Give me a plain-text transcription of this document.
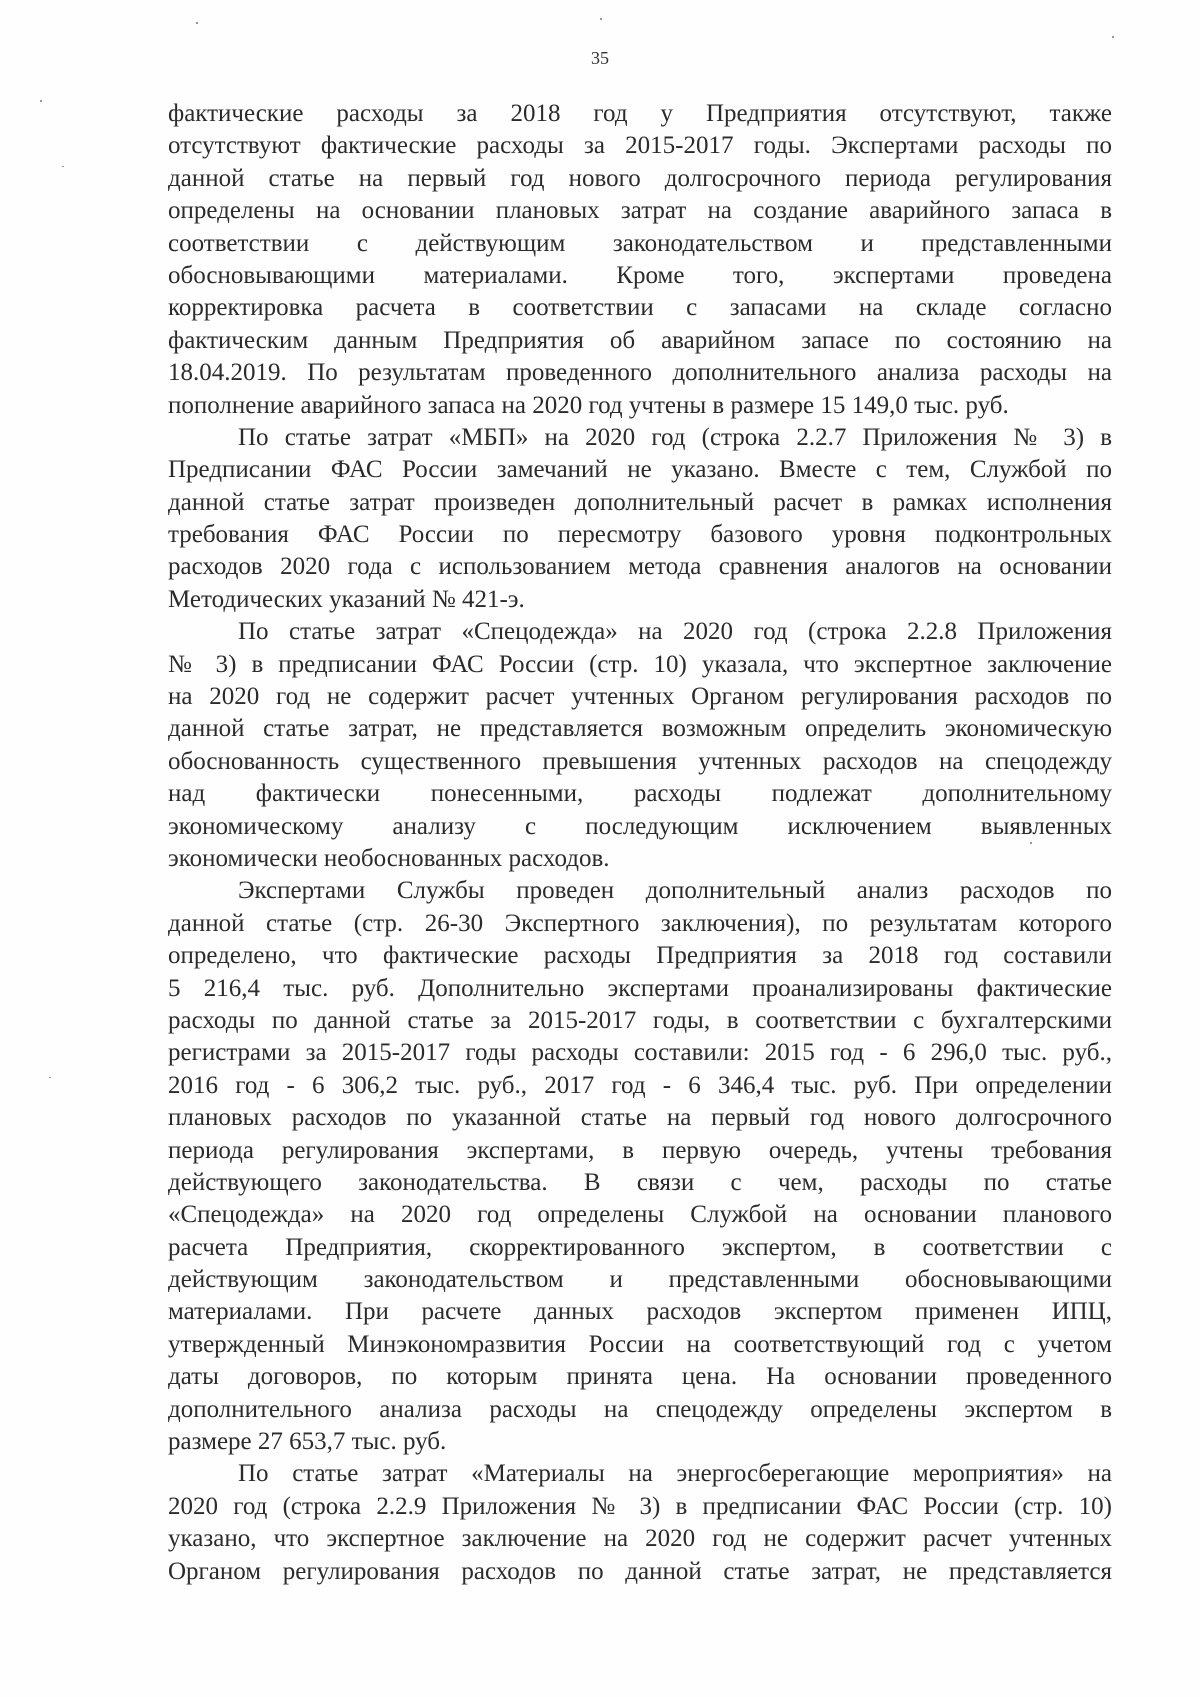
35
фактические расходы за 2018 год у Предприятия отсутствуют, также
отсутствуют фактические расходы за 2015-2017 годы. Экспертами расходы по
данной статье на первый год нового долгосрочного периода регулирования
определены на основании плановых затрат на создание аварийного запаса в
соответствии с действующим законодательством и представленными
обосновывающими материалами. Кроме того, экспертами проведена
корректировка расчета в соответствии с запасами на складе согласно
фактическим данным Предприятия об аварийном запасе по состоянию на
18.04.2019. По результатам проведенного дополнительного анализа расходы на
пополнение аварийного запаса на 2020 год учтены в размере 15 149,0 тыс. руб.
По статье затрат «МБП» на 2020 год (строка 2.2.7 Приложения № 3) в
Предписании ФАС России замечаний не указано. Вместе с тем, Службой по
данной статье затрат произведен дополнительный расчет в рамках исполнения
требования ФАС России по пересмотру базового уровня подконтрольных
расходов 2020 года с использованием метода сравнения аналогов на основании
Методических указаний № 421-э.
По статье затрат «Спецодежда» на 2020 год (строка 2.2.8 Приложения
№ 3) в предписании ФАС России (стр. 10) указала, что экспертное заключение
на 2020 год не содержит расчет учтенных Органом регулирования расходов по
данной статье затрат, не представляется возможным определить экономическую
обоснованность существенного превышения учтенных расходов на спецодежду
над фактически понесенными, расходы подлежат дополнительному
экономическому анализу с последующим исключением выявленных
экономически необоснованных расходов.
Экспертами Службы проведен дополнительный анализ расходов по
данной статье (стр. 26-30 Экспертного заключения), по результатам которого
определено, что фактические расходы Предприятия за 2018 год составили
5 216,4 тыс. руб. Дополнительно экспертами проанализированы фактические
расходы по данной статье за 2015-2017 годы, в соответствии с бухгалтерскими
регистрами за 2015-2017 годы расходы составили: 2015 год - 6 296,0 тыс. руб.,
2016 год - 6 306,2 тыс. руб., 2017 год - 6 346,4 тыс. руб. При определении
плановых расходов по указанной статье на первый год нового долгосрочного
периода регулирования экспертами, в первую очередь, учтены требования
действующего законодательства. В связи с чем, расходы по статье
«Спецодежда» на 2020 год определены Службой на основании планового
расчета Предприятия, скорректированного экспертом, в соответствии с
действующим законодательством и представленными обосновывающими
материалами. При расчете данных расходов экспертом применен ИПЦ,
утвержденный Минэкономразвития России на соответствующий год с учетом
даты договоров, по которым принята цена. На основании проведенного
дополнительного анализа расходы на спецодежду определены экспертом в
размере 27 653,7 тыс. руб.
По статье затрат «Материалы на энергосберегающие мероприятия» на
2020 год (строка 2.2.9 Приложения № 3) в предписании ФАС России (стр. 10)
указано, что экспертное заключение на 2020 год не содержит расчет учтенных
Органом регулирования расходов по данной статье затрат, не представляется
